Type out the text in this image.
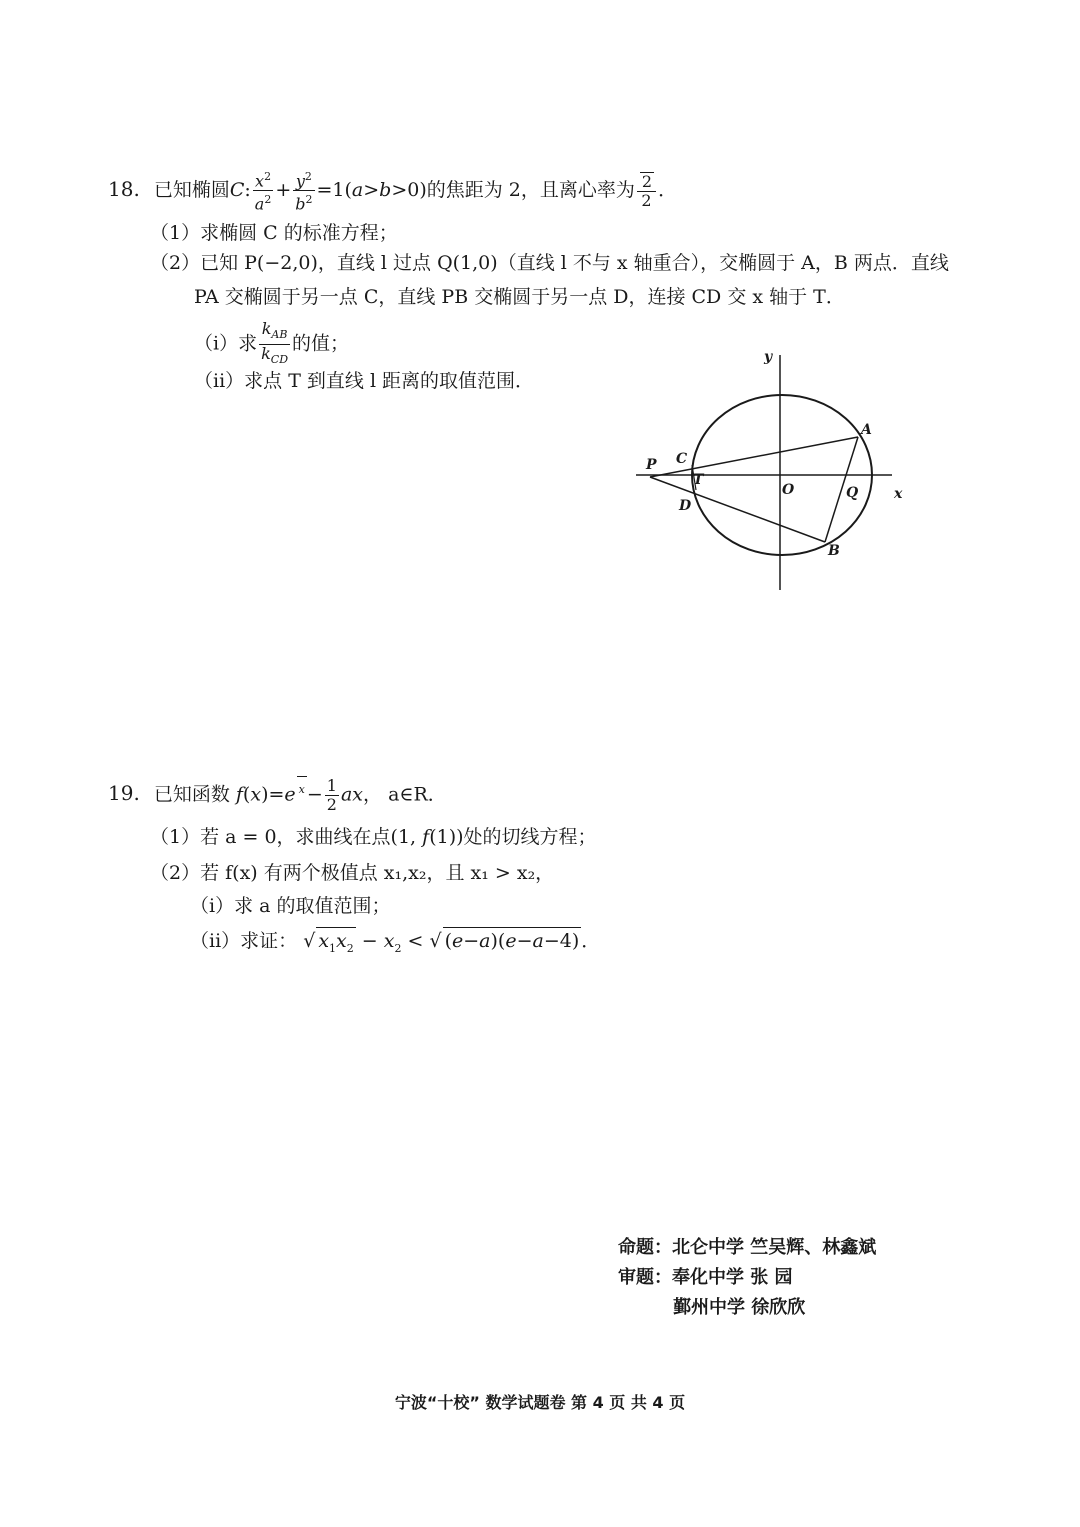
18. 已知椭圆C: $\frac{x^2}{a^2} + \frac{y^2}{b^2} =1(a>b>0)$的焦距为 2，且离心率为 $\frac{2}{2}$ ．
（1）求椭圆 C 的标准方程；
（2）已知 P(−2,0)，直线 l 过点 Q(1,0)（直线 l 不与 x 轴重合），交椭圆于 A，B 两点．直线
PA 交椭圆于另一点 C，直线 PB 交椭圆于另一点 D，连接 CD 交 x 轴于 T．
（i）求 $\frac{k_{AB}}{k_{CD}}$ 的值；
（ii）求点 T 到直线 l 距离的取值范围．
y
x
P C
T
O	Q
D
A
B
19. 已知函数 f(x)=e $^x - \frac{1}{2}$ ax， a∈R．
（1）若 a = 0，求曲线在点(1, f(1))处的切线方程；
（2）若 f(x) 有两个极值点 x₁,x₂，且 x₁ > x₂，
（i）求 a 的取值范围；
（ii）求证： √ $x_1x_2 - x_2$ < √ (e−a)(e−a−4) ．
命题：北仑中学 竺吴辉、林鑫斌
审题：奉化中学 张 园
鄞州中学 徐欣欣
宁波“十校” 数学试题卷 第 4 页 共 4 页
